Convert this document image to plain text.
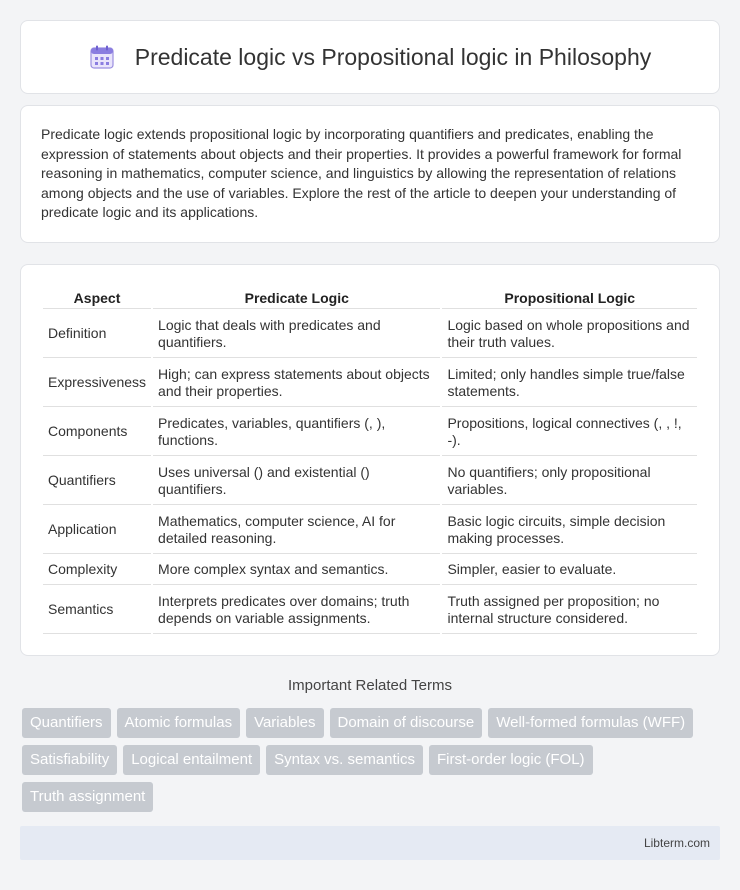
Predicate logic vs Propositional logic in Philosophy

Predicate logic extends propositional logic by incorporating quantifiers and predicates, enabling the expression of statements about objects and their properties. It provides a powerful framework for formal reasoning in mathematics, computer science, and linguistics by allowing the representation of relations among objects and the use of variables. Explore the rest of the article to deepen your understanding of predicate logic and its applications.

Aspect	Predicate Logic	Propositional Logic
Definition	Logic that deals with predicates and quantifiers.	Logic based on whole propositions and their truth values.
Expressiveness	High; can express statements about objects and their properties.	Limited; only handles simple true/false statements.
Components	Predicates, variables, quantifiers (, ), functions.	Propositions, logical connectives (, , !, -).
Quantifiers	Uses universal () and existential () quantifiers.	No quantifiers; only propositional variables.
Application	Mathematics, computer science, AI for detailed reasoning.	Basic logic circuits, simple decision making processes.
Complexity	More complex syntax and semantics.	Simpler, easier to evaluate.
Semantics	Interprets predicates over domains; truth depends on variable assignments.	Truth assigned per proposition; no internal structure considered.
Important Related Terms
Quantifiers	Atomic formulas	Variables	Domain of discourse	Well-formed formulas (WFF)
Satisfiability	Logical entailment	Syntax vs. semantics	First-order logic (FOL)
Truth assignment
Libterm.com
